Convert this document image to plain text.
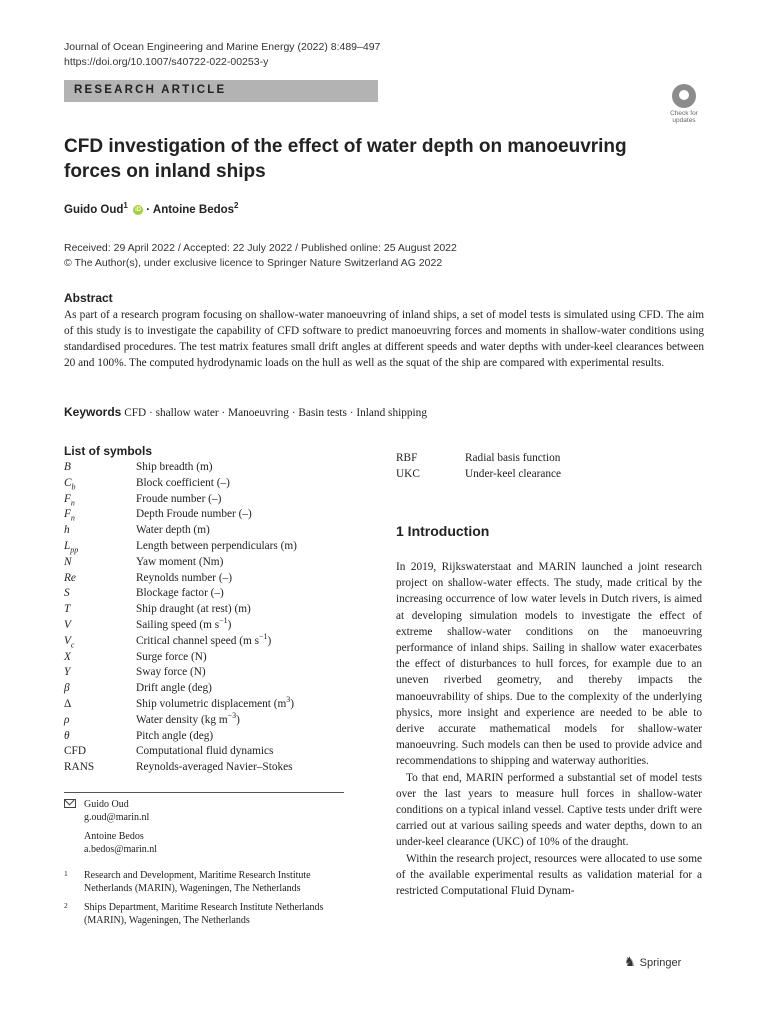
Journal of Ocean Engineering and Marine Energy (2022) 8:489–497
https://doi.org/10.1007/s40722-022-00253-y
RESEARCH ARTICLE
Check for
updates
CFD investigation of the effect of water depth on manoeuvring forces on inland ships
Guido Oud$^1$ iD · Antoine Bedos$^2$
Received: 29 April 2022 / Accepted: 22 July 2022 / Published online: 25 August 2022
© The Author(s), under exclusive licence to Springer Nature Switzerland AG 2022
Abstract
As part of a research program focusing on shallow-water manoeuvring of inland ships, a set of model tests is simulated using CFD. The aim of this study is to investigate the capability of CFD software to predict manoeuvring forces and moments in shallow-water conditions using standardised procedures. The test matrix features small drift angles at different speeds and water depths with under-keel clearances between 20 and 100%. The computed hydrodynamic loads on the hull as well as the squat of the ship are compared with experimental results.
Keywords CFD · shallow water · Manoeuvring · Basin tests · Inland shipping
List of symbols
B	Ship breadth (m)
$C_b$	Block coefficient (–)
$F_n$	Froude number (–)
$F_n$	Depth Froude number (–)
h	Water depth (m)
$L_{pp}$	Length between perpendiculars (m)
N	Yaw moment (Nm)
Re	Reynolds number (–)
S	Blockage factor (–)
T	Ship draught (at rest) (m)
V	Sailing speed (m $s^{-1}$)
$V_c$	Critical channel speed (m $s^{-1}$)
X	Surge force (N)
Y	Sway force (N)
β	Drift angle (deg)
Δ	Ship volumetric displacement $(m^3)$
ρ	Water density (kg $m^{-3}$)
θ	Pitch angle (deg)
CFD	Computational fluid dynamics
RANS	Reynolds-averaged Navier–Stokes
RBF	Radial basis function
UKC	Under-keel clearance
1 Introduction

In 2019, Rijkswaterstaat and MARIN launched a joint research project on shallow-water effects. The study, made critical by the increasing occurrence of low water levels in Dutch rivers, is aimed at developing simulation models to investigate the effect of extreme shallow-water conditions on the manoeuvring performance of inland ships. Sailing in shallow water exacerbates the effect of disturbances to hull forces, for example due to an uneven riverbed geometry, and thereby impacts the manoeuvrability of ships. Due to the complexity of the underlying physics, more insight and experience are needed to be able to derive accurate mathematical models for shallow-water manoeuvring. Such models can then be used to provide advice and recommendations to shipping and waterway authorities.

To that end, MARIN performed a substantial set of model tests over the last years to measure hull forces in shallow-water conditions on a typical inland vessel. Captive tests under drift were carried out at various sailing speeds and water depths, down to an under-keel clearance (UKC) of 10% of the draught.

Within the research project, resources were allocated to use some of the available experimental results as validation material for a restricted Computational Fluid Dynam-

Guido Oud
g.oud@marin.nl
Antoine Bedos
a.bedos@marin.nl
1 Research and Development, Maritime Research Institute
Netherlands (MARIN), Wageningen, The Netherlands
2 Ships Department, Maritime Research Institute Netherlands
(MARIN), Wageningen, The Netherlands
♞ Springer
